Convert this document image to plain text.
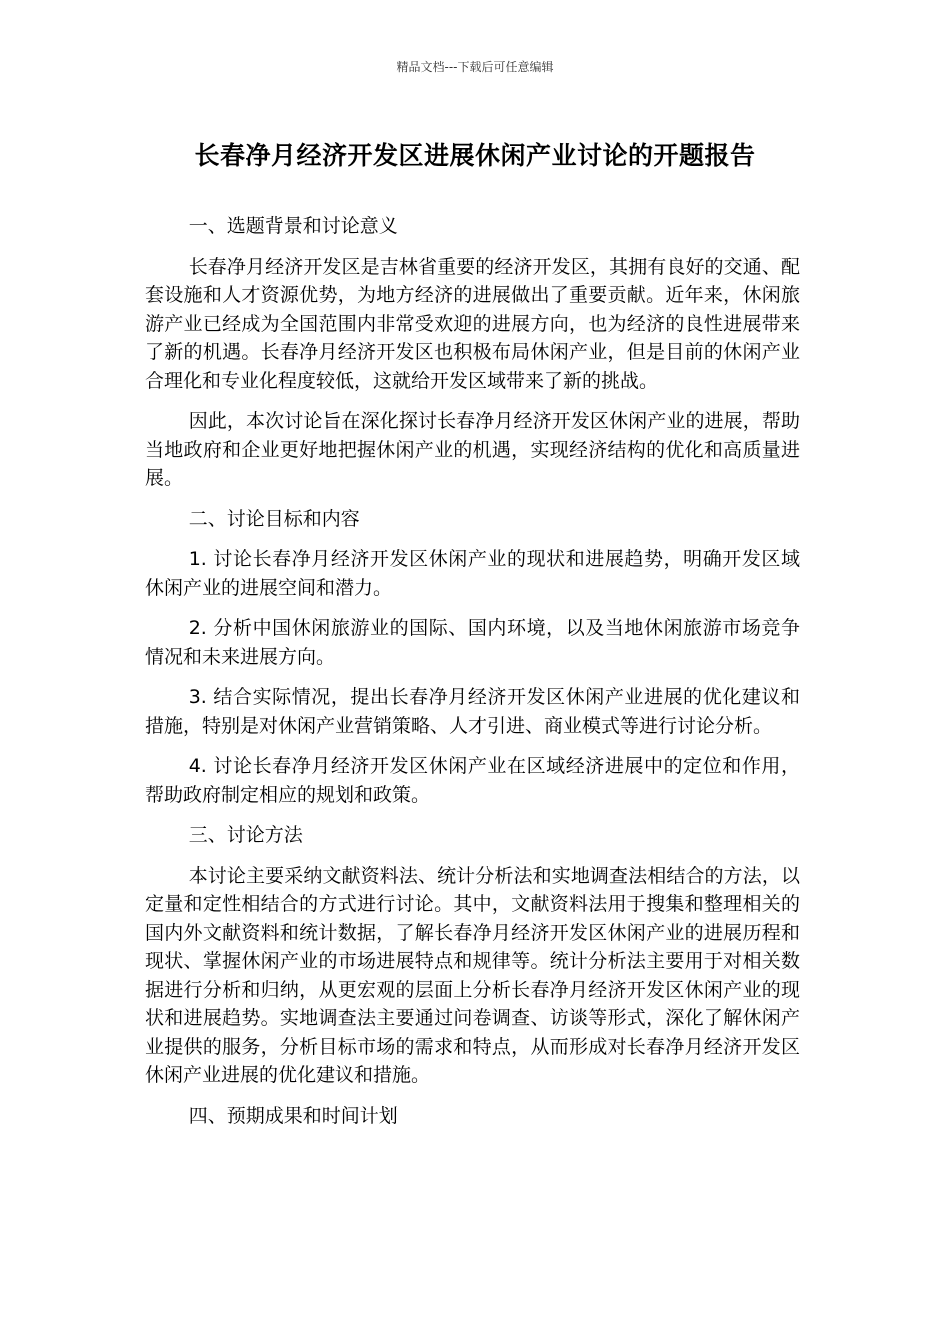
精品文档---下载后可任意编辑
长春净月经济开发区进展休闲产业讨论的开题报告

一、选题背景和讨论意义

长春净月经济开发区是吉林省重要的经济开发区，其拥有良好的交通、配套设施和人才资源优势，为地方经济的进展做出了重要贡献。近年来，休闲旅游产业已经成为全国范围内非常受欢迎的进展方向，也为经济的良性进展带来了新的机遇。长春净月经济开发区也积极布局休闲产业，但是目前的休闲产业合理化和专业化程度较低，这就给开发区域带来了新的挑战。

因此，本次讨论旨在深化探讨长春净月经济开发区休闲产业的进展，帮助当地政府和企业更好地把握休闲产业的机遇，实现经济结构的优化和高质量进展。

二、讨论目标和内容

1. 讨论长春净月经济开发区休闲产业的现状和进展趋势，明确开发区域休闲产业的进展空间和潜力。

2. 分析中国休闲旅游业的国际、国内环境，以及当地休闲旅游市场竞争情况和未来进展方向。

3. 结合实际情况，提出长春净月经济开发区休闲产业进展的优化建议和措施，特别是对休闲产业营销策略、人才引进、商业模式等进行讨论分析。

4. 讨论长春净月经济开发区休闲产业在区域经济进展中的定位和作用，帮助政府制定相应的规划和政策。

三、讨论方法

本讨论主要采纳文献资料法、统计分析法和实地调查法相结合的方法，以定量和定性相结合的方式进行讨论。其中，文献资料法用于搜集和整理相关的国内外文献资料和统计数据，了解长春净月经济开发区休闲产业的进展历程和现状、掌握休闲产业的市场进展特点和规律等。统计分析法主要用于对相关数据进行分析和归纳，从更宏观的层面上分析长春净月经济开发区休闲产业的现状和进展趋势。实地调查法主要通过问卷调查、访谈等形式，深化了解休闲产业提供的服务，分析目标市场的需求和特点，从而形成对长春净月经济开发区休闲产业进展的优化建议和措施。

四、预期成果和时间计划
